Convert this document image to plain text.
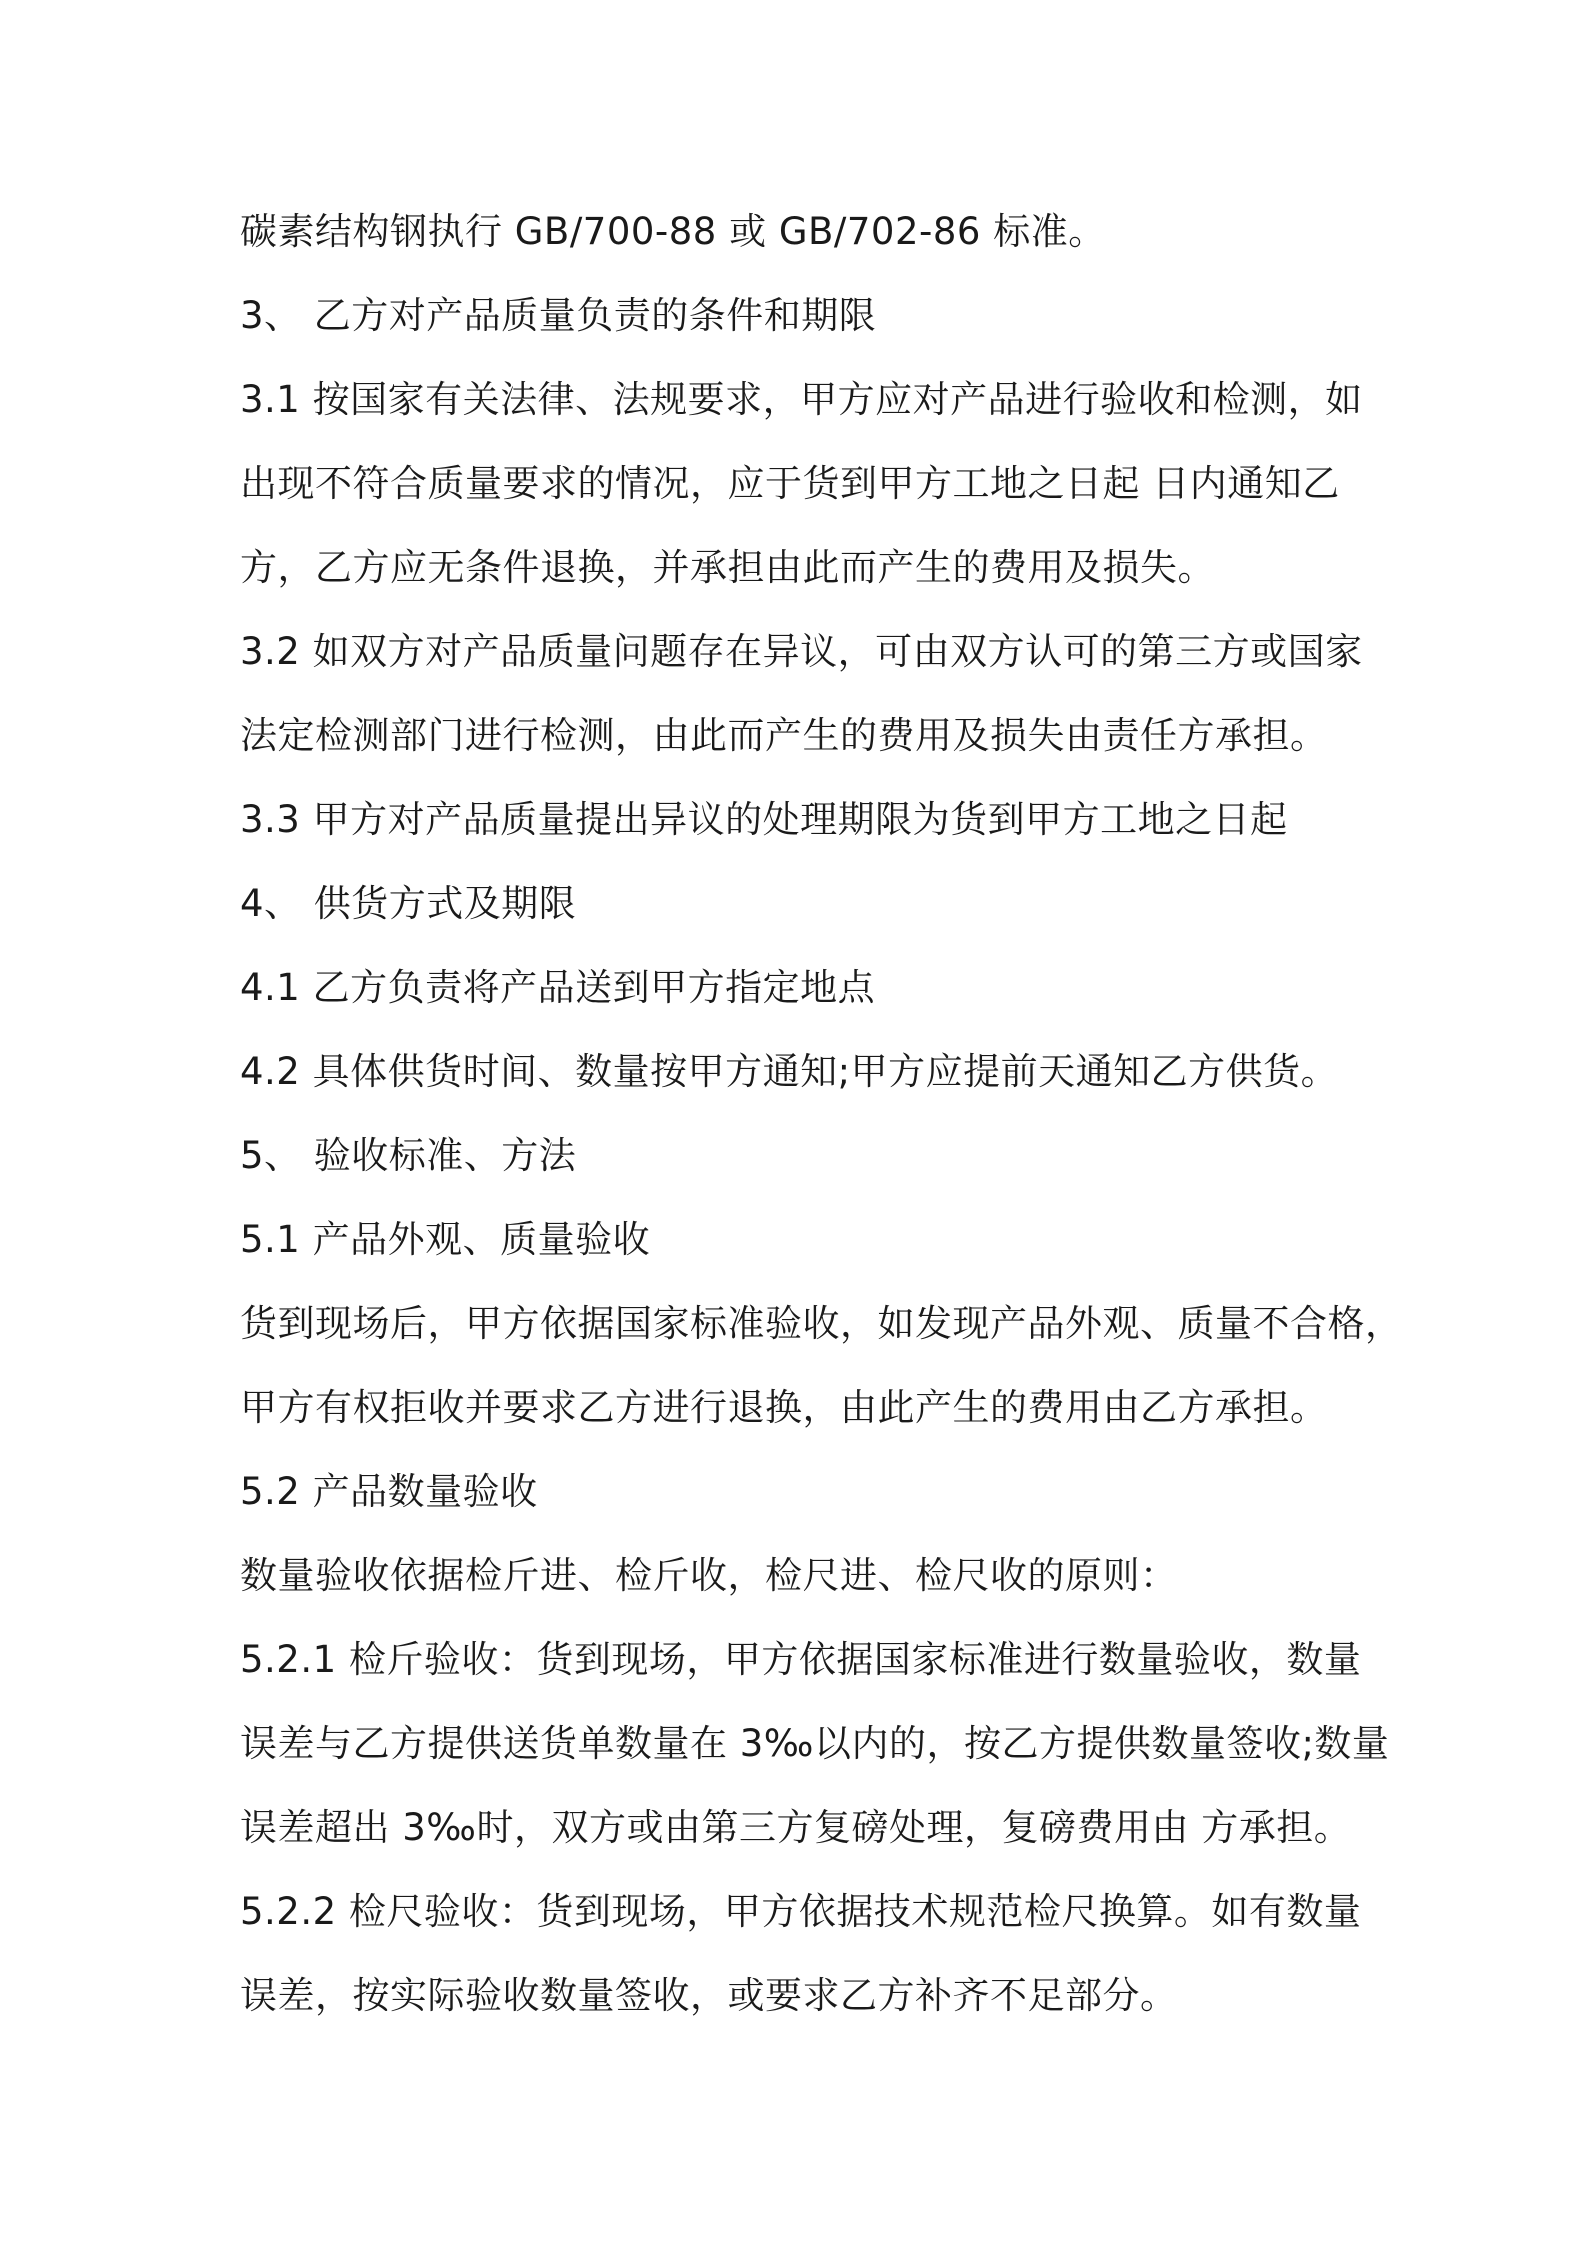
碳素结构钢执行 GB/700-88 或 GB/702-86 标准。
3、 乙方对产品质量负责的条件和期限
3.1 按国家有关法律、法规要求，甲方应对产品进行验收和检测，如
出现不符合质量要求的情况，应于货到甲方工地之日起 日内通知乙
方，乙方应无条件退换，并承担由此而产生的费用及损失。
3.2 如双方对产品质量问题存在异议，可由双方认可的第三方或国家
法定检测部门进行检测，由此而产生的费用及损失由责任方承担。
3.3 甲方对产品质量提出异议的处理期限为货到甲方工地之日起
4、 供货方式及期限
4.1 乙方负责将产品送到甲方指定地点
4.2 具体供货时间、数量按甲方通知;甲方应提前天通知乙方供货。
5、 验收标准、方法
5.1 产品外观、质量验收
货到现场后，甲方依据国家标准验收，如发现产品外观、质量不合格，
甲方有权拒收并要求乙方进行退换，由此产生的费用由乙方承担。
5.2 产品数量验收
数量验收依据检斤进、检斤收，检尺进、检尺收的原则：
5.2.1 检斤验收：货到现场，甲方依据国家标准进行数量验收，数量
误差与乙方提供送货单数量在 3‰以内的，按乙方提供数量签收;数量
误差超出 3‰时，双方或由第三方复磅处理，复磅费用由 方承担。
5.2.2 检尺验收：货到现场，甲方依据技术规范检尺换算。如有数量
误差，按实际验收数量签收，或要求乙方补齐不足部分。
